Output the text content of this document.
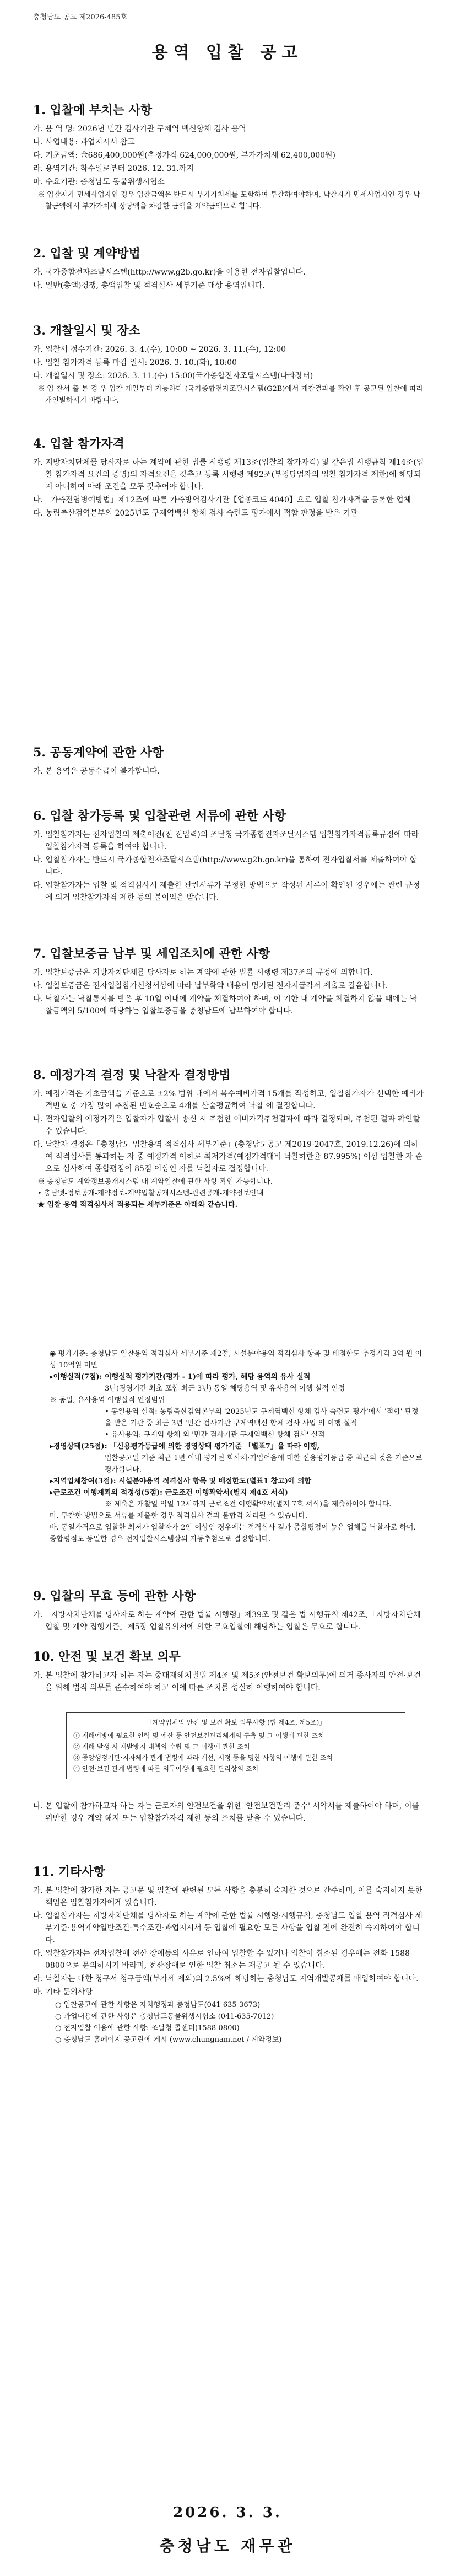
충청남도 공고 제2026-485호
용역 입찰 공고
1. 입찰에 부치는 사항
가. 용 역 명: 2026년 민간 검사기관 구제역 백신항체 검사 용역
나. 사업내용: 과업지시서 참고
다. 기초금액: 金686,400,000원(추정가격 624,000,000원, 부가가치세 62,400,000원)
라. 용역기간: 착수일로부터 2026. 12. 31.까지
마. 수요기관: 충청남도 동물위생시험소
※ 입찰자가 면세사업자인 경우 입찰금액은 반드시 부가가치세를 포함하여 투찰하여야하며, 낙찰자가 면세사업자인 경우 낙찰금액에서 부가가치세 상당액을 차감한 금액을 계약금액으로 합니다.
2. 입찰 및 계약방법
가. 국가종합전자조달시스템(http://www.g2b.go.kr)을 이용한 전자입찰입니다.
나. 일반(총액)경쟁, 총액입찰 및 적격심사 세부기준 대상 용역입니다.
3. 개찰일시 및 장소
가. 입찰서 접수기간: 2026. 3. 4.(수), 10:00 ~ 2026. 3. 11.(수), 12:00
나. 입찰 참가자격 등록 마감 일시: 2026. 3. 10.(화), 18:00
다. 개찰일시 및 장소: 2026. 3. 11.(수) 15:00(국가종합전자조달시스템(나라장터)
※ 입 찰서 출 본 경 우 입찰 개일부터 가능하다 (국가종합전자조달시스템(G2B)에서 개찰결과를 확인 후 공고된 입찰에 따라 개인별하시기 바랍니다.
4. 입찰 참가자격
가. 지방자치단체를 당사자로 하는 계약에 관한 법률 시행령 제13조(입찰의 참가자격) 및 같은법 시행규칙 제14조(입찰 참가자격 요건의 증명)의 자격요건을 갖추고 등록 시행령 제92조(부정당업자의 입찰 참가자격 제한)에 해당되지 아니하여 아래 조건을 모두 갖추어야 합니다.
나.「가축전염병예방법」제12조에 따른 가축방역검사기관【업종코드 4040】으로 입찰 참가자격을 등록한 업체
다. 농림축산검역본부의 2025년도 구제역백신 항체 검사 숙련도 평가에서 적합 판정을 받은 기관
5. 공동계약에 관한 사항
가. 본 용역은 공동수급이 불가합니다.
6. 입찰 참가등록 및 입찰관련 서류에 관한 사항
가. 입찰참가자는 전자입찰의 제출이전(전 전입력)의 조달청 국가종합전자조달시스템 입찰참가자격등록규정에 따라 입찰참가자격 등록을 하여야 합니다.
나. 입찰참가자는 반드시 국가종합전자조달시스템(http://www.g2b.go.kr)을 통하여 전자입찰서를 제출하여야 합니다.
다. 입찰참가자는 입찰 및 적격심사시 제출한 관련서류가 부정한 방법으로 작성된 서류이 확인된 경우에는 관련 규정에 의거 입찰참가자격 제한 등의 불이익을 받습니다.
7. 입찰보증금 납부 및 세입조치에 관한 사항
가. 입찰보증금은 지방자치단체를 당사자로 하는 계약에 관한 법률 시행령 제37조의 규정에 의합니다.
나. 입찰보증금은 전자입찰참가신청서상에 따라 납부확약 내용이 명기된 전자지급각서 제출로 갈음합니다.
다. 낙찰자는 낙찰통지를 받은 후 10일 이내에 계약을 체결하여야 하며, 이 기한 내 계약을 체결하지 않을 때에는 낙찰금액의 5/100에 해당하는 입찰보증금을 충청남도에 납부하여야 합니다.
8. 예정가격 결정 및 낙찰자 결정방법
가. 예정가격은 기초금액을 기준으로 ±2% 범위 내에서 복수예비가격 15개를 작성하고, 입찰참가자가 선택한 예비가격번호 중 가장 많이 추첨된 번호순으로 4개를 산술평균하여 낙찰 에 결정합니다.
나. 전자입찰의 예정가격은 입찰자가 입찰서 송신 시 추첨한 예비가격추첨결과에 따라 결정되며, 추첨된 결과 확인할 수 있습니다.
다. 낙찰자 결정은「충청남도 입찰용역 적격심사 세부기준」(충청남도공고 제2019-2047호, 2019.12.26)에 의하여 적격심사를 통과하는 자 중 예정가격 이하로 최저가격(예정가격대비 낙찰하한율 87.995%) 이상 입찰한 자 순으로 심사하여 종합평점이 85점 이상인 자를 낙찰자로 결정합니다.
※ 충청남도 계약정보공개시스템 내 계약입찰에 관한 사항 확인 가능합니다.
• 충남넷-정보공개-계약정보-계약입찰공개시스템-관련공개-계약정보안내
★ 입찰 용역 적격심사서 적용되는 세부기준은 아래와 같습니다.

◉ 평가기준: 충청남도 입찰용역 적격심사 세부기준 제2절, 시설분야용역 적격심사 항목 및 배점한도 추정가격 3억 원 이상 10억원 미만

▸이행실적(7점): 이행실적 평가기간(평가 - 1)에 따라 평가, 해당 용역의 유사 실적

3년(경영기간 최초 포함 최근 3년) 동일 해당용역 및 유사용역 이행 실적 인정

※ 동일, 유사용역 이행실적 인정범위

• 동일용역 실적: 농림축산검역본부의 '2025년도 구제역백신 항체 검사 숙련도 평가'에서 '적합' 판정을 받은 기관 중 최근 3년 '민간 검사기관 구제역백신 항체 검사 사업'의 이행 실적

• 유사용역: 구제역 항체 외 '민간 검사기관 구제역백신 항체 검사' 실적

▸경영상태(25점): 「신용평가등급에 의한 경영상태 평가기준 「별표7」을 따라 이행,

입찰공고일 기준 최근 1년 이내 평가된 회사채·기업어음에 대한 신용평가등급 중 최근의 것을 기준으로 평가합니다.

▸지역업체참여(3점): 시설분야용역 적격심사 항목 및 배점한도(별표1 참고)에 의함

▸근로조건 이행계획의 적정성(5점): 근로조건 이행확약서(별지 제4호 서식)

※ 제출은 개찰일 익일 12시까지 근로조건 이행확약서(별지 7호 서식)을 제출하여야 합니다.

마. 투찰한 방법으로 서류를 제출한 경우 적격심사 결과 불합격 처리될 수 있습니다.

바. 동일가격으로 입찰한 최저가 입찰자가 2인 이상인 경우에는 적격심사 결과 종합평점이 높은 업체를 낙찰자로 하며, 종합평점도 동일한 경우 전자입찰시스템상의 자동추첨으로 결정합니다.

9. 입찰의 무효 등에 관한 사항
가.「지방자치단체를 당사자로 하는 계약에 관한 법률 시행령」제39조 및 같은 법 시행규칙 제42조,「지방자치단체 입찰 및 계약 집행기준」제5장 입찰유의서에 의한 무효입찰에 해당하는 입찰은 무효로 합니다.
10. 안전 및 보건 확보 의무
가. 본 입찰에 참가하고자 하는 자는 중대재해처벌법 제4조 및 제5조(안전보건 확보의무)에 의거 종사자의 안전·보건을 위해 법적 의무를 준수하여야 하고 이에 따른 조치를 성실히 이행하여야 합니다.
「계약업체의 안전 및 보건 확보 의무사항 (법 제4조, 제5조)」
① 재해예방에 필요한 인력 및 예산 등 안전보건관리체계의 구축 및 그 이행에 관한 조치
② 재해 발생 시 재발방지 대책의 수립 및 그 이행에 관한 조치
③ 중앙행정기관·지자체가 관계 법령에 따라 개선, 시정 등을 명한 사항의 이행에 관한 조치
④ 안전·보건 관계 법령에 따른 의무이행에 필요한 관리상의 조치
나. 본 입찰에 참가하고자 하는 자는 근로자의 안전보건을 위한 '안전보건관리 준수' 서약서를 제출하여야 하며, 이를 위반한 경우 계약 해지 또는 입찰참가자격 제한 등의 조치를 받을 수 있습니다.
11. 기타사항
가. 본 입찰에 참가한 자는 공고문 및 입찰에 관련된 모든 사항을 충분히 숙지한 것으로 간주하며, 이를 숙지하지 못한 책임은 입찰참가자에게 있습니다.
나. 입찰참가자는 지방자치단체를 당사자로 하는 계약에 관한 법률 시행령·시행규칙, 충청남도 입찰 용역 적격심사 세부기준·용역계약일반조건·특수조건·과업지시서 등 입찰에 필요한 모든 사항을 입찰 전에 완전히 숙지하여야 합니다.
다. 입찰참가자는 전자입찰에 전산 장애등의 사유로 인하여 입찰할 수 없거나 입찰이 취소된 경우에는 전화 1588-0800으로 문의하시기 바라며, 전산장애로 인한 입찰 취소는 재공고 될 수 있습니다.
라. 낙찰자는 대한 청구서 청구금액(부가세 제외)의 2.5%에 해당하는 충청남도 지역개발공채를 매입하여야 합니다.
마. 기타 문의사항
○ 입찰공고에 관한 사항은 자치행정과 충청남도(041-635-3673)
○ 과업내용에 관한 사항은 충청남도동물위생시험소 (041-635-7012)
○ 전자입찰 이용에 관한 사항: 조달청 콜센터(1588-0800)
○ 충청남도 홈페이지 공고란에 게시 (www.chungnam.net / 계약정보)
2026. 3. 3.
충청남도 재무관
